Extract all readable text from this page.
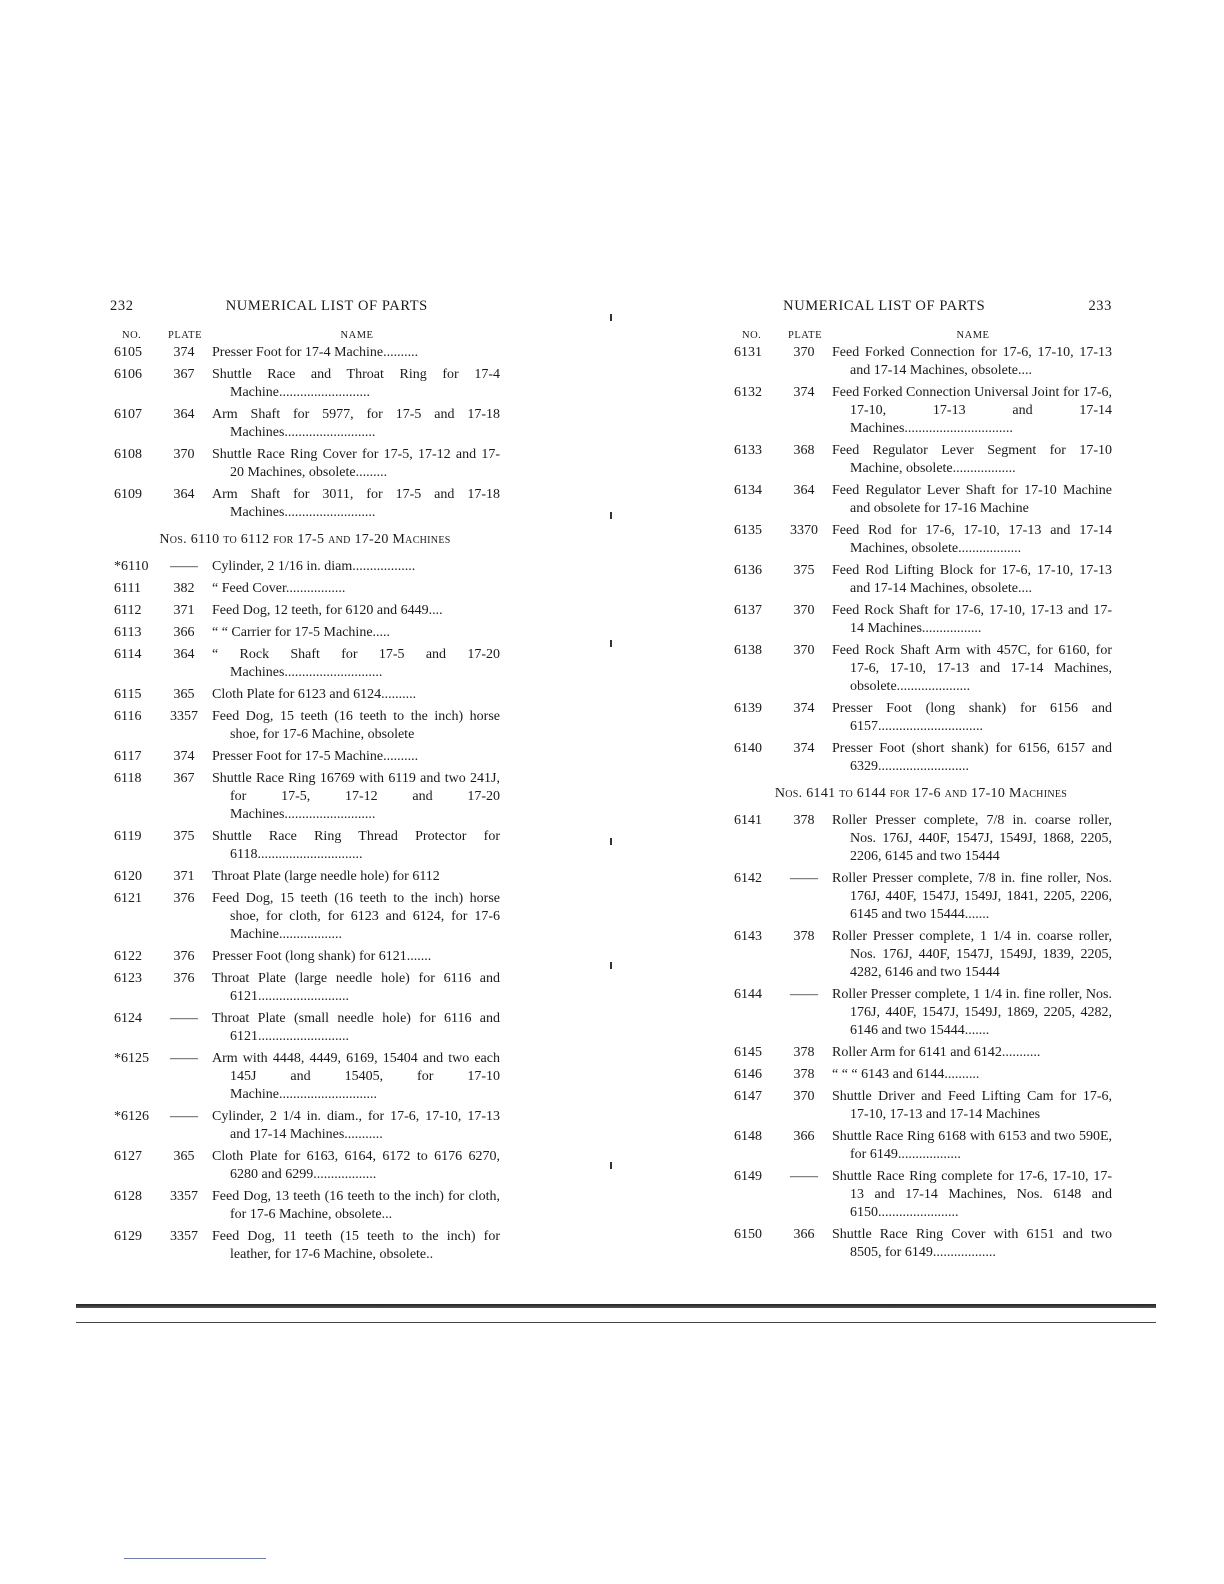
232	NUMERICAL LIST OF PARTS
NO.	PLATE	NAME
6105	374	Presser Foot for 17-4 Machine..........
6106	367	Shuttle Race and Throat Ring for 17-4 Machine..........................
6107	364	Arm Shaft for 5977, for 17-5 and 17-18 Machines..........................
6108	370	Shuttle Race Ring Cover for 17-5, 17-12 and 17-20 Machines, obsolete.........
6109	364	Arm Shaft for 3011, for 17-5 and 17-18 Machines..........................
Nos. 6110 to 6112 for 17-5 and 17-20 Machines
*6110	——	Cylinder, 2 1/16 in. diam..................
6111	382	“ Feed Cover.................
6112	371	Feed Dog, 12 teeth, for 6120 and 6449....
6113	366	“ “ Carrier for 17-5 Machine.....
6114	364	“ Rock Shaft for 17-5 and 17-20 Machines............................
6115	365	Cloth Plate for 6123 and 6124..........
6116	3357	Feed Dog, 15 teeth (16 teeth to the inch) horse shoe, for 17-6 Machine, obsolete
6117	374	Presser Foot for 17-5 Machine..........
6118	367	Shuttle Race Ring 16769 with 6119 and two 241J, for 17-5, 17-12 and 17-20 Machines..........................
6119	375	Shuttle Race Ring Thread Protector for 6118..............................
6120	371	Throat Plate (large needle hole) for 6112
6121	376	Feed Dog, 15 teeth (16 teeth to the inch) horse shoe, for cloth, for 6123 and 6124, for 17-6 Machine..................
6122	376	Presser Foot (long shank) for 6121.......
6123	376	Throat Plate (large needle hole) for 6116 and 6121..........................
6124	——	Throat Plate (small needle hole) for 6116 and 6121..........................
*6125	——	Arm with 4448, 4449, 6169, 15404 and two each 145J and 15405, for 17-10 Machine............................
*6126	——	Cylinder, 2 1/4 in. diam., for 17-6, 17-10, 17-13 and 17-14 Machines...........
6127	365	Cloth Plate for 6163, 6164, 6172 to 6176 6270, 6280 and 6299..................
6128	3357	Feed Dog, 13 teeth (16 teeth to the inch) for cloth, for 17-6 Machine, obsolete...
6129	3357	Feed Dog, 11 teeth (15 teeth to the inch) for leather, for 17-6 Machine, obsolete..
NUMERICAL LIST OF PARTS	233
NO.	PLATE	NAME
6131	370	Feed Forked Connection for 17-6, 17-10, 17-13 and 17-14 Machines, obsolete....
6132	374	Feed Forked Connection Universal Joint for 17-6, 17-10, 17-13 and 17-14 Machines...............................
6133	368	Feed Regulator Lever Segment for 17-10 Machine, obsolete..................
6134	364	Feed Regulator Lever Shaft for 17-10 Machine and obsolete for 17-16 Machine
6135	3370	Feed Rod for 17-6, 17-10, 17-13 and 17-14 Machines, obsolete..................
6136	375	Feed Rod Lifting Block for 17-6, 17-10, 17-13 and 17-14 Machines, obsolete....
6137	370	Feed Rock Shaft for 17-6, 17-10, 17-13 and 17-14 Machines.................
6138	370	Feed Rock Shaft Arm with 457C, for 6160, for 17-6, 17-10, 17-13 and 17-14 Machines, obsolete.....................
6139	374	Presser Foot (long shank) for 6156 and 6157..............................
6140	374	Presser Foot (short shank) for 6156, 6157 and 6329..........................
Nos. 6141 to 6144 for 17-6 and 17-10 Machines
6141	378	Roller Presser complete, 7/8 in. coarse roller, Nos. 176J, 440F, 1547J, 1549J, 1868, 2205, 2206, 6145 and two 15444
6142	——	Roller Presser complete, 7/8 in. fine roller, Nos. 176J, 440F, 1547J, 1549J, 1841, 2205, 2206, 6145 and two 15444.......
6143	378	Roller Presser complete, 1 1/4 in. coarse roller, Nos. 176J, 440F, 1547J, 1549J, 1839, 2205, 4282, 6146 and two 15444
6144	——	Roller Presser complete, 1 1/4 in. fine roller, Nos. 176J, 440F, 1547J, 1549J, 1869, 2205, 4282, 6146 and two 15444.......
6145	378	Roller Arm for 6141 and 6142...........
6146	378	“ “ “ 6143 and 6144..........
6147	370	Shuttle Driver and Feed Lifting Cam for 17-6, 17-10, 17-13 and 17-14 Machines
6148	366	Shuttle Race Ring 6168 with 6153 and two 590E, for 6149..................
6149	——	Shuttle Race Ring complete for 17-6, 17-10, 17-13 and 17-14 Machines, Nos. 6148 and 6150.......................
6150	366	Shuttle Race Ring Cover with 6151 and two 8505, for 6149..................
